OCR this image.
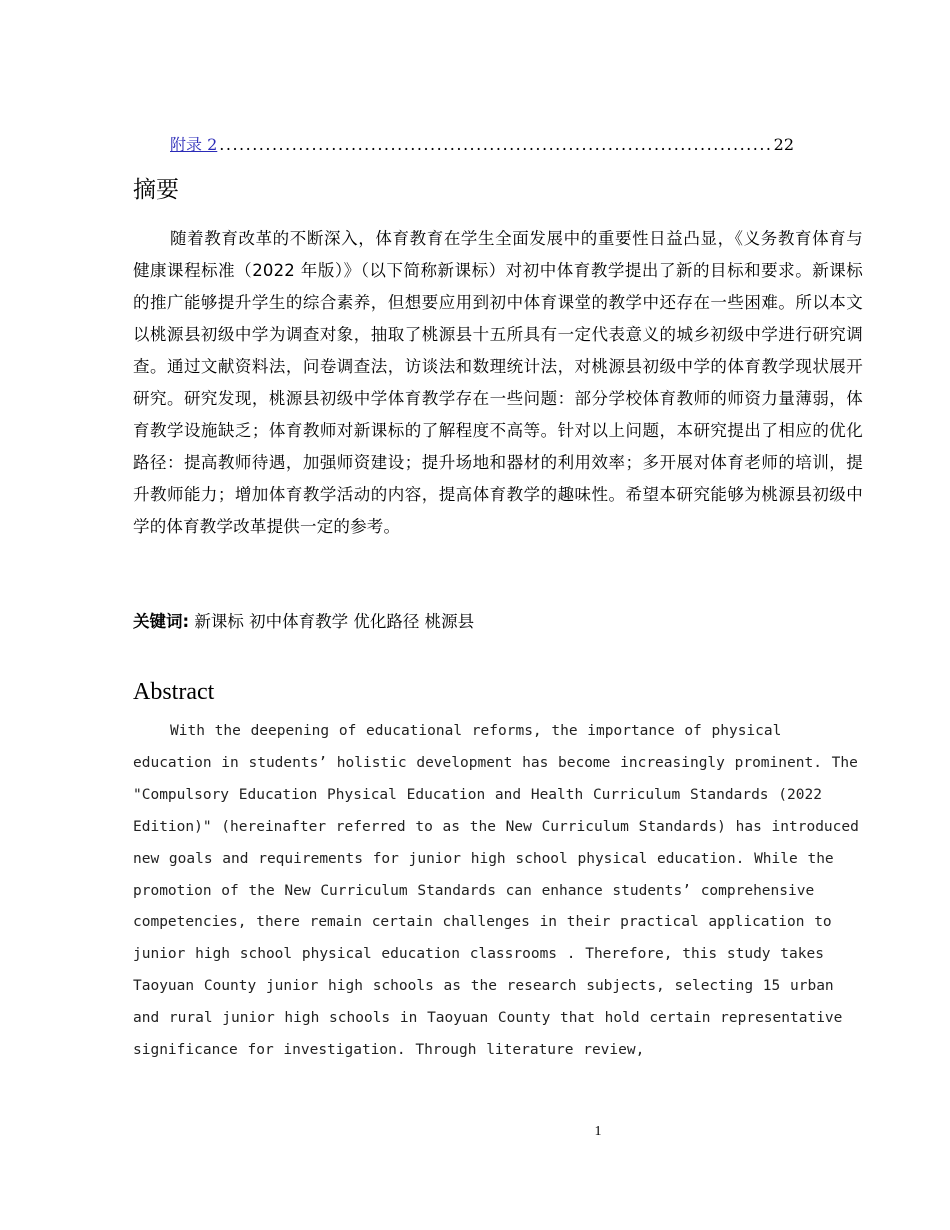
附录 2
.....	22
摘要

随着教育改革的不断深入，体育教育在学生全面发展中的重要性日益凸显，《义务教育体育与健康课程标准（2022 年版）》（以下简称新课标）对初中体育教学提出了新的目标和要求。新课标的推广能够提升学生的综合素养，但想要应用到初中体育课堂的教学中还存在一些困难。所以本文以桃源县初级中学为调查对象，抽取了桃源县十五所具有一定代表意义的城乡初级中学进行研究调查。通过文献资料法，问卷调查法，访谈法和数理统计法，对桃源县初级中学的体育教学现状展开研究。研究发现，桃源县初级中学体育教学存在一些问题：部分学校体育教师的师资力量薄弱，体育教学设施缺乏；体育教师对新课标的了解程度不高等。针对以上问题，本研究提出了相应的优化路径：提高教师待遇，加强师资建设；提升场地和器材的利用效率；多开展对体育老师的培训，提升教师能力；增加体育教学活动的内容，提高体育教学的趣味性。希望本研究能够为桃源县初级中学的体育教学改革提供一定的参考。

关键词: 新课标 初中体育教学 优化路径 桃源县

Abstract

With the deepening of educational reforms, the importance of physical education in students’ holistic development has become increasingly prominent. The "Compulsory Education Physical Education and Health Curriculum Standards (2022 Edition)" (hereinafter referred to as the New Curriculum Standards) has introduced new goals and requirements for junior high school physical education. While the promotion of the New Curriculum Standards can enhance students’ comprehensive competencies, there remain certain challenges in their practical application to junior high school physical education classrooms . Therefore, this study takes Taoyuan County junior high schools as the research subjects, selecting 15 urban and rural junior high schools in Taoyuan County that hold certain representative significance for investigation. Through literature review,

1
